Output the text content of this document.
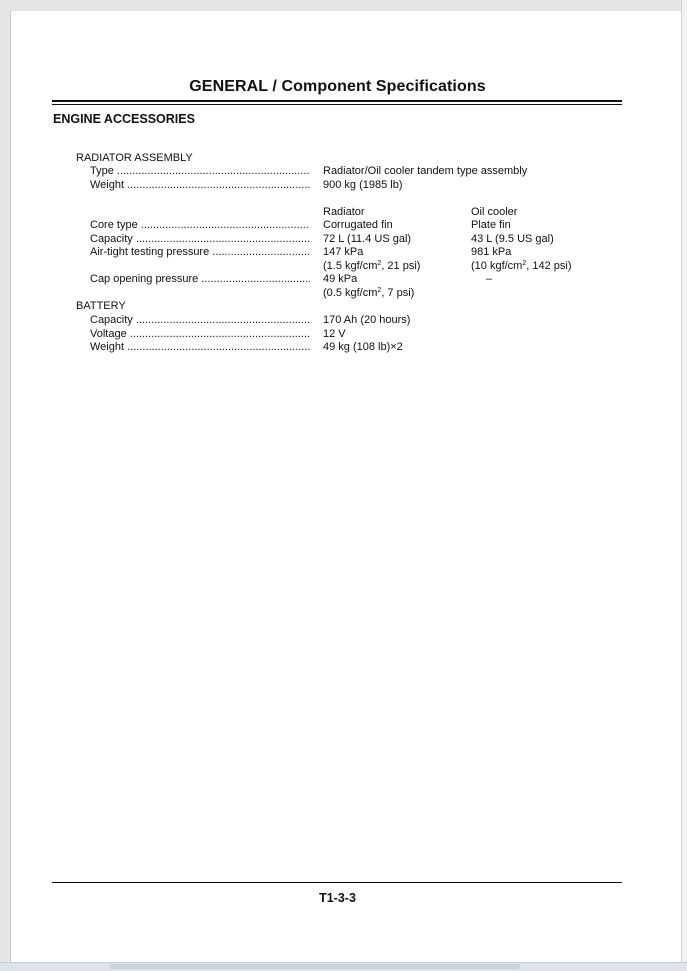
GENERAL / Component Specifications
ENGINE ACCESSORIES
RADIATOR ASSEMBLY
Type .....	Radiator/Oil cooler tandem type assembly
Weight .....	900 kg (1985 lb)
Radiator	Oil cooler
Core type .....	Corrugated fin	Plate fin
Capacity .....	72 L (11.4 US gal)	43 L (9.5 US gal)
Air-tight testing pressure .....	147 kPa	981 kPa
(1.5 kgf/$cm^2$, 21 psi)	(10 kgf/$cm^2$, 142 psi)
Cap opening pressure .....	49 kPa	–
(0.5 kgf/$cm^2$, 7 psi)
BATTERY
Capacity .....	170 Ah (20 hours)
Voltage .....	12 V
Weight .....	49 kg (108 lb)×2
T1-3-3
